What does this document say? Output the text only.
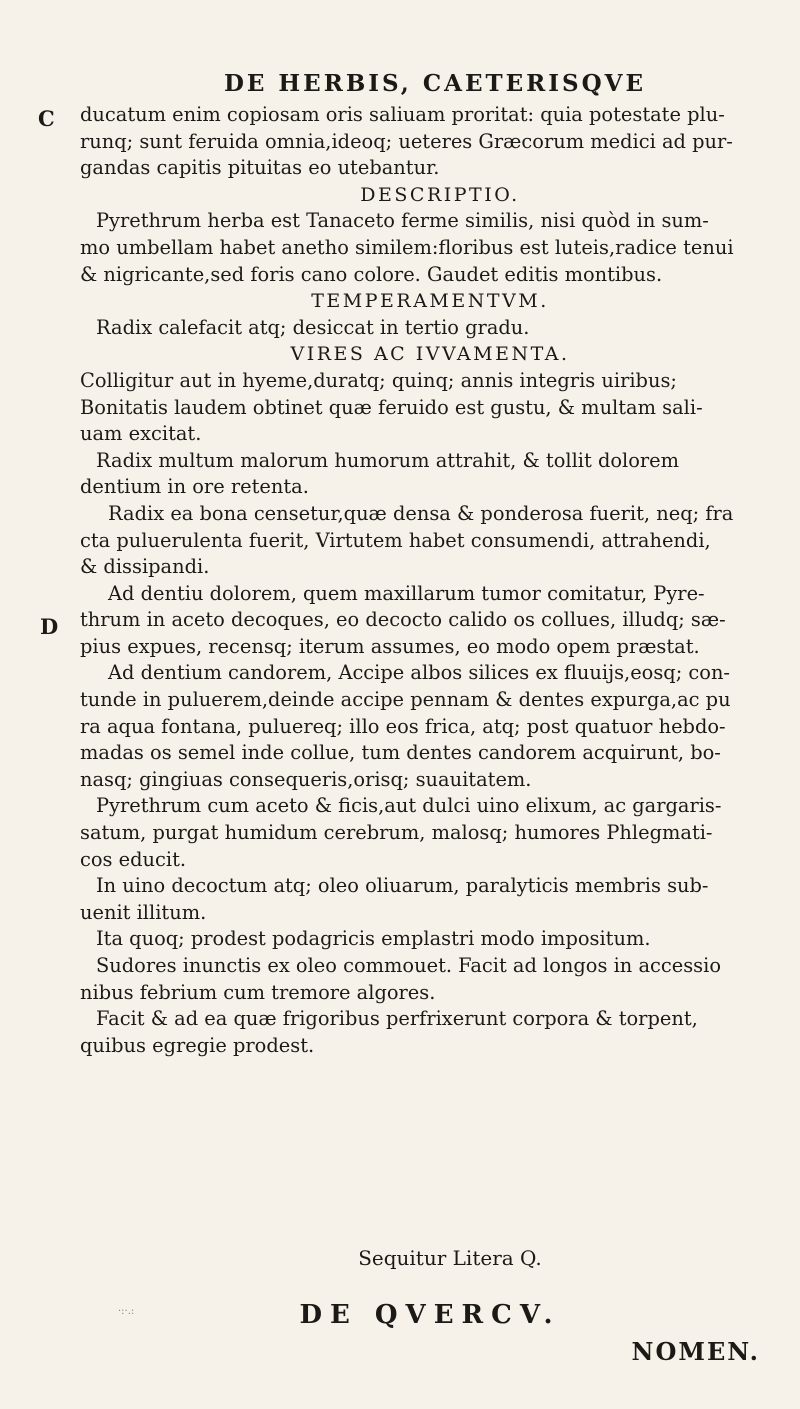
DE HERBIS, CAETERISQ̨VE
C
D
ducatum enim copiosam oris saliuam proritat: quia potestate plu-
runq; sunt feruida omnia,ideoq; ueteres Græcorum medici ad pur-
gandas capitis pituitas eo utebantur.
DESCRIPTIO.
Pyrethrum herba est Tanaceto ferme similis, nisi quòd in sum-
mo umbellam habet anetho similem:floribus est luteis,radice tenui
& nigricante,sed foris cano colore. Gaudet editis montibus.
TEMPERAMENTVM.
Radix calefacit atq; desiccat in tertio gradu.
VIRES AC IVVAMENTA.
Colligitur aut in hyeme,duratq; quinq; annis integris uiribus;
Bonitatis laudem obtinet quæ feruido est gustu, & multam sali-
uam excitat.
Radix multum malorum humorum attrahit, & tollit dolorem
dentium in ore retenta.
Radix ea bona censetur,quæ densa & ponderosa fuerit, neq; fra
cta puluerulenta fuerit, Virtutem habet consumendi, attrahendi,
& dissipandi.
Ad dentiu dolorem, quem maxillarum tumor comitatur, Pyre-
thrum in aceto decoques, eo decocto calido os collues, illudq; sæ-
pius expues, recensq; iterum assumes, eo modo opem præstat.
Ad dentium candorem, Accipe albos silices ex fluuijs,eosq; con-
tunde in puluerem,deinde accipe pennam & dentes expurga,ac pu
ra aqua fontana, puluereq; illo eos frica, atq; post quatuor hebdo-
madas os semel inde collue, tum dentes candorem acquirunt, bo-
nasq; gingiuas consequeris,orisq; suauitatem.
Pyrethrum cum aceto & ficis,aut dulci uino elixum, ac gargaris-
satum, purgat humidum cerebrum, malosq; humores Phlegmati-
cos educit.
In uino decoctum atq; oleo oliuarum, paralyticis membris sub-
uenit illitum.
Ita quoq; prodest podagricis emplastri modo impositum.
Sudores inunctis ex oleo commouet. Facit ad longos in accessio
nibus febrium cum tremore algores.
Facit & ad ea quæ frigoribus perfrixerunt corpora & torpent,
quibus egregie prodest.
Sequitur Litera Q.
DE QVERCV.
NOMEN.
·:·.:
